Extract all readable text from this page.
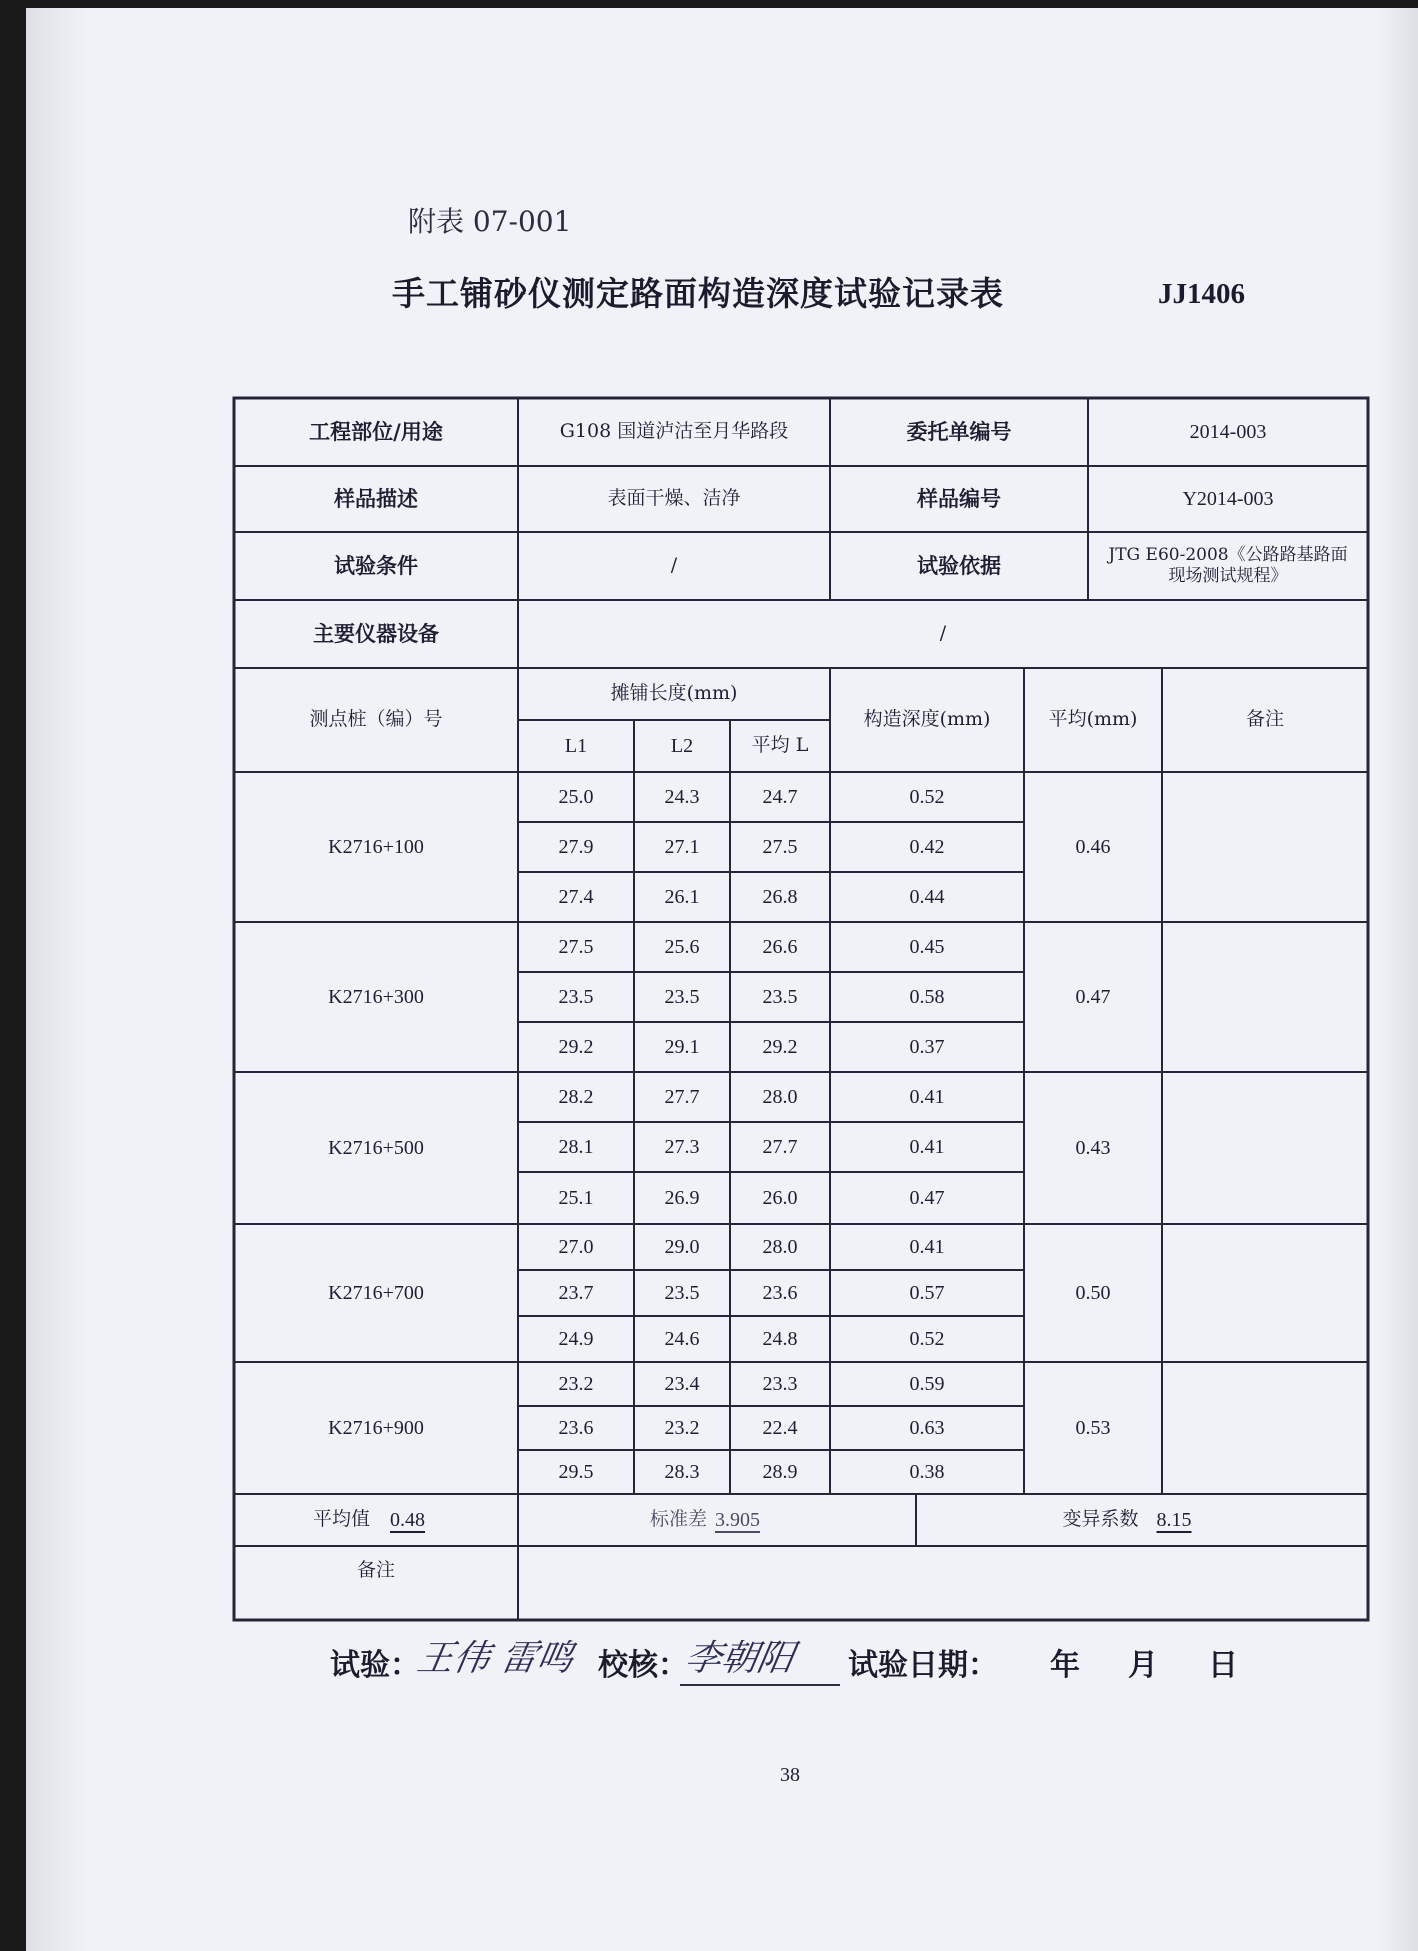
附表 07-001
手工铺砂仪测定路面构造深度试验记录表	JJ1406
工程部位/用途	G108 国道泸沽至月华路段	委托单编号	2014-003
样品描述	表面干燥、洁净	样品编号	Y2014-003
试验条件	/	试验依据	JTG E60-2008《公路路基路面
现场测试规程》
主要仪器设备	/
测点桩（编）号
摊铺长度(mm)
L1	L2	平均 L
构造深度(mm)	平均(mm)	备注
K2716+100	0.46
25.0	24.3	24.7	0.52
27.9	27.1	27.5	0.42
27.4	26.1	26.8	0.44
K2716+300	0.47
27.5	25.6	26.6	0.45
23.5	23.5	23.5	0.58
29.2	29.1	29.2	0.37
K2716+500	0.43
28.2	27.7	28.0	0.41
28.1	27.3	27.7	0.41
25.1	26.9	26.0	0.47
K2716+700	0.50
27.0	29.0	28.0	0.41
23.7	23.5	23.6	0.57
24.9	24.6	24.8	0.52
K2716+900	0.53
23.2	23.4	23.3	0.59
23.6	23.2	22.4	0.63
29.5	28.3	28.9	0.38
平均值	0.48	标准差 3.905	变异系数 8.15
备注
试验：
王伟 雷鸣 校核：
李朝阳 试验日期： 年 月 日
38
